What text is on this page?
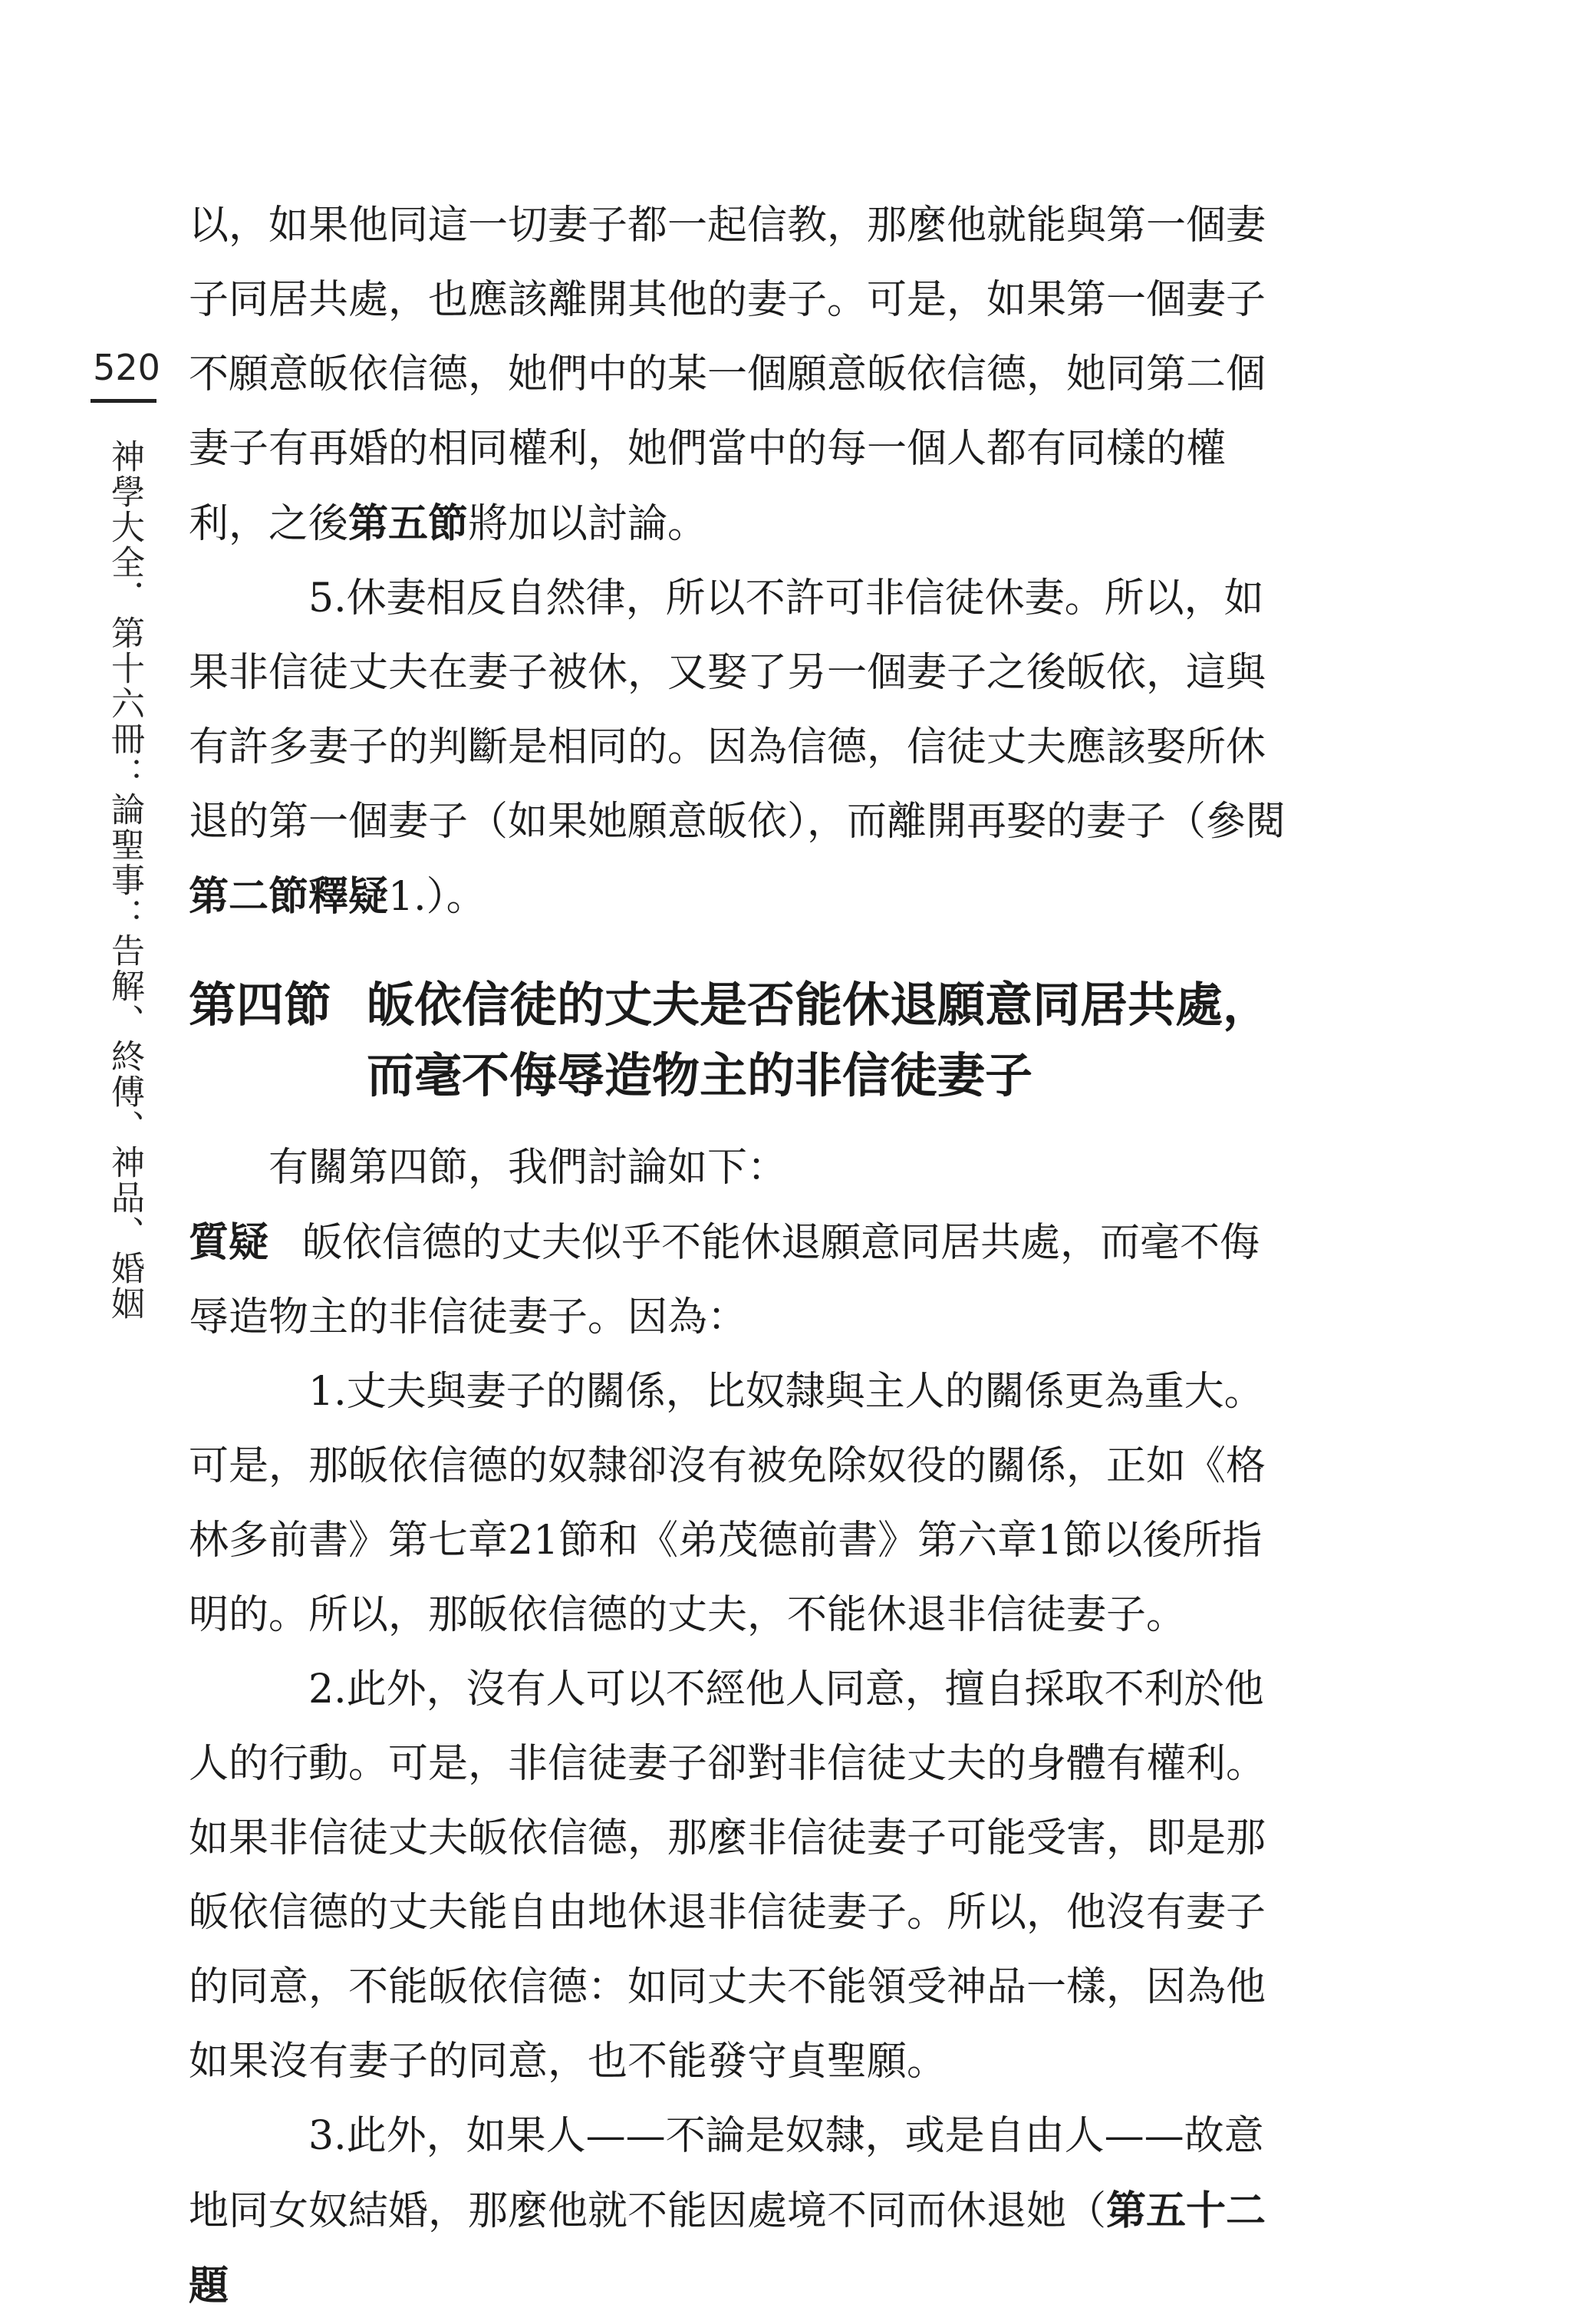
520
神學大全．第十六冊：論聖事：告解、終傅、神品、婚姻

以，如果他同這一切妻子都一起信教，那麼他就能與第一個妻子同居共處，也應該離開其他的妻子。可是，如果第一個妻子不願意皈依信德，她們中的某一個願意皈依信德，她同第二個妻子有再婚的相同權利，她們當中的每一個人都有同樣的權利，之後第五節將加以討論。

5.休妻相反自然律，所以不許可非信徒休妻。所以，如果非信徒丈夫在妻子被休，又娶了另一個妻子之後皈依，這與有許多妻子的判斷是相同的。因為信德，信徒丈夫應該娶所休退的第一個妻子（如果她願意皈依），而離開再娶的妻子（參閱第二節釋疑1.）。

第四節 皈依信徒的丈夫是否能休退願意同居共處，而毫不侮辱造物主的非信徒妻子

有關第四節，我們討論如下：

質疑 皈依信德的丈夫似乎不能休退願意同居共處，而毫不侮辱造物主的非信徒妻子。因為：

1.丈夫與妻子的關係，比奴隸與主人的關係更為重大。可是，那皈依信德的奴隸卻沒有被免除奴役的關係，正如《格林多前書》第七章21節和《弟茂德前書》第六章1節以後所指明的。所以，那皈依信德的丈夫，不能休退非信徒妻子。

2.此外，沒有人可以不經他人同意，擅自採取不利於他人的行動。可是，非信徒妻子卻對非信徒丈夫的身體有權利。如果非信徒丈夫皈依信德，那麼非信徒妻子可能受害，即是那皈依信德的丈夫能自由地休退非信徒妻子。所以，他沒有妻子的同意，不能皈依信德：如同丈夫不能領受神品一樣，因為他如果沒有妻子的同意，也不能發守貞聖願。

3.此外，如果人——不論是奴隸，或是自由人——故意地同女奴結婚，那麼他就不能因處境不同而休退她（第五十二題
